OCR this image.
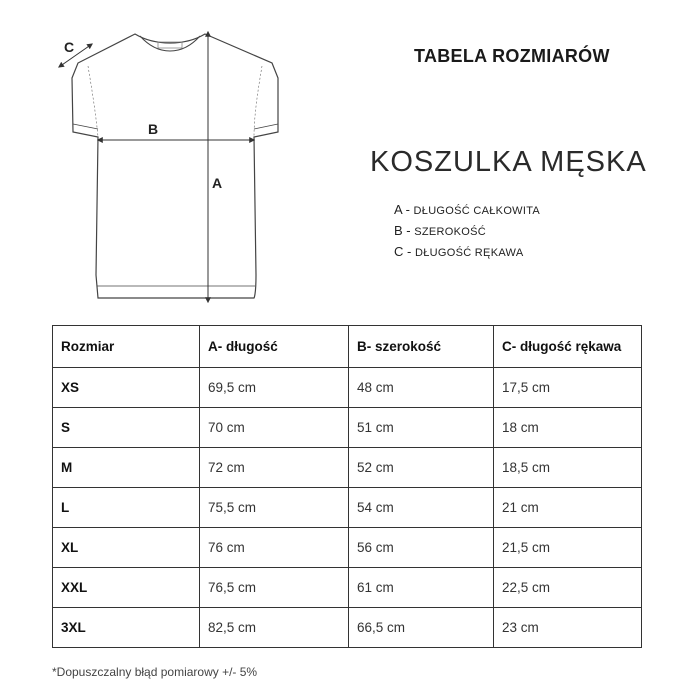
A
B
C	TABELA ROZMIARÓW
KOSZULKA MĘSKA
A - DŁUGOŚĆ CAŁKOWITA
B - SZEROKOŚĆ
C - DŁUGOŚĆ RĘKAWA
Rozmiar	A- długość	B- szerokość	C- długość rękawa
XS	69,5 cm	48 cm	17,5 cm
S	70 cm	51 cm	18 cm
M	72 cm	52 cm	18,5 cm
L	75,5 cm	54 cm	21 cm
XL	76 cm	56 cm	21,5 cm
XXL	76,5 cm	61 cm	22,5 cm
3XL	82,5 cm	66,5 cm	23 cm
*Dopuszczalny błąd pomiarowy +/- 5%
